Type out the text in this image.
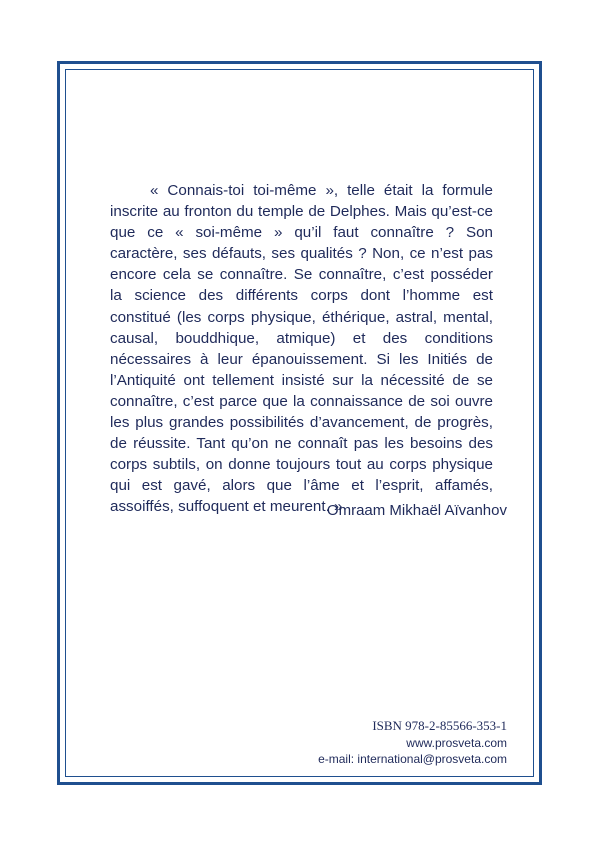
« Connais-toi toi-même », telle était la formule inscrite au fronton du temple de Delphes. Mais qu’est-ce que ce « soi-même » qu’il faut connaître ? Son caractère, ses défauts, ses qualités ? Non, ce n’est pas encore cela se connaître. Se connaître, c’est posséder la science des différents corps dont l’homme est constitué (les corps physique, éthérique, astral, mental, causal, bouddhique, atmique) et des conditions nécessaires à leur épanouissement. Si les Initiés de l’Antiquité ont tellement insisté sur la nécessité de se connaître, c’est parce que la connaissance de soi ouvre les plus grandes possibilités d’avancement, de progrès, de réussite. Tant qu’on ne connaît pas les besoins des corps subtils, on donne toujours tout au corps physique qui est gavé, alors que l’âme et l’esprit, affamés, assoiffés, suffoquent et meurent. »

Omraam Mikhaël Aïvanhov
ISBN 978-2-85566-353-1
www.prosveta.com
e-mail: international@prosveta.com
